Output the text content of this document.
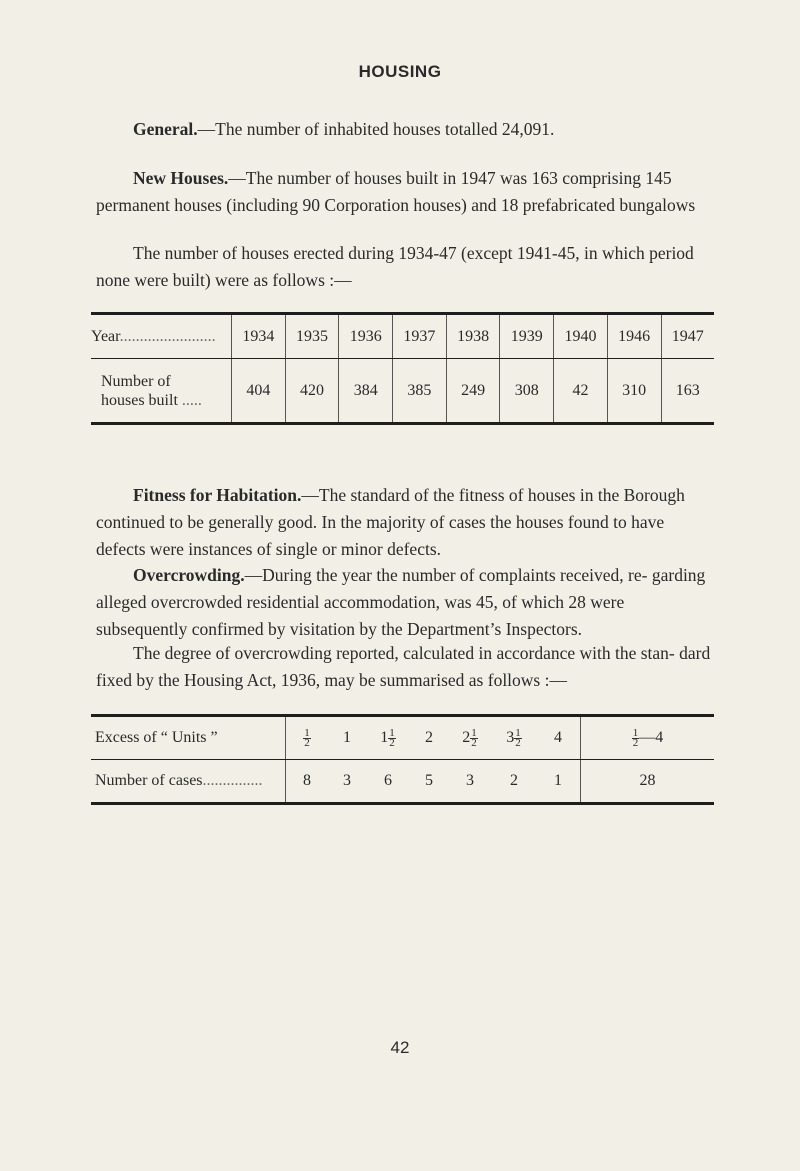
HOUSING

General.—The number of inhabited houses totalled 24,091.

New Houses.—The number of houses built in 1947 was 163 comprising 145 permanent houses (including 90 Corporation houses) and 18 prefabricated bungalows

The number of houses erected during 1934-47 (except 1941-45, in which period none were built) were as follows :—

Year........................	1934	1935	1936	1937	1938	1939	1940	1946	1947

Number of
houses built .....	404	420	384	385	249	308	42	310	163

Fitness for Habitation.—The standard of the fitness of houses in the Borough continued to be generally good. In the majority of cases the houses found to have defects were instances of single or minor defects.

Overcrowding.—During the year the number of complaints received, re- garding alleged overcrowded residential accommodation, was 45, of which 28 were subsequently confirmed by visitation by the Department’s Inspectors.

The degree of overcrowding reported, calculated in accordance with the stan- dard fixed by the Housing Act, 1936, may be summarised as follows :—

Excess of “ Units ”	$\frac{1}{2}$	1	$1 \frac{1}{2}$	2	$2 \frac{1}{2}$	$3 \frac{1}{2}$	4	$\frac{1}{2}$ —4
Number of cases...............	8	3	6	5	3	2	1	28
42
